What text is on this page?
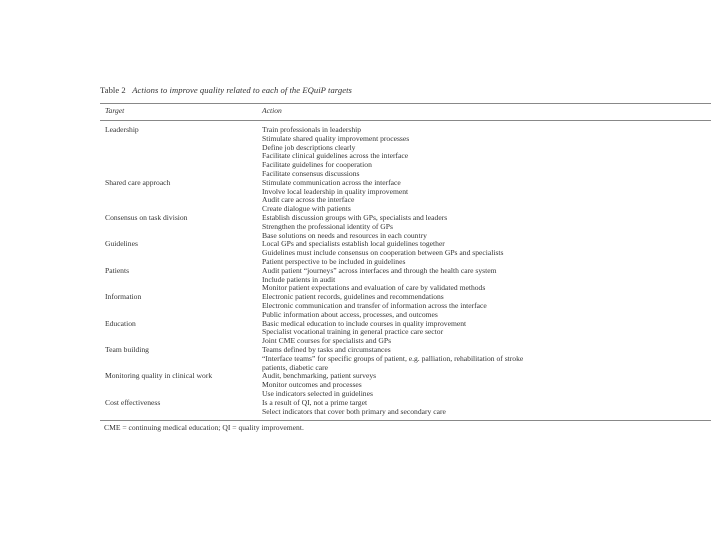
Table 2 Actions to improve quality related to each of the EQuiP targets
Target	Action
Leadership	Train professionals in leadership
Stimulate shared quality improvement processes
Define job descriptions clearly
Facilitate clinical guidelines across the interface
Facilitate guidelines for cooperation
Facilitate consensus discussions
Shared care approach	Stimulate communication across the interface
Involve local leadership in quality improvement
Audit care across the interface
Create dialogue with patients
Consensus on task division	Establish discussion groups with GPs, specialists and leaders
Strengthen the professional identity of GPs
Base solutions on needs and resources in each country
Guidelines	Local GPs and specialists establish local guidelines together
Guidelines must include consensus on cooperation between GPs and specialists
Patient perspective to be included in guidelines
Patients	Audit patient “journeys” across interfaces and through the health care system
Include patients in audit
Monitor patient expectations and evaluation of care by validated methods
Information	Electronic patient records, guidelines and recommendations
Electronic communication and transfer of information across the interface
Public information about access, processes, and outcomes
Education	Basic medical education to include courses in quality improvement
Specialist vocational training in general practice care sector
Joint CME courses for specialists and GPs
Team building	Teams defined by tasks and circumstances
“Interface teams” for specific groups of patient, e.g. palliation, rehabilitation of stroke
patients, diabetic care
Monitoring quality in clinical work	Audit, benchmarking, patient surveys
Monitor outcomes and processes
Use indicators selected in guidelines
Cost effectiveness	Is a result of QI, not a prime target
Select indicators that cover both primary and secondary care
CME = continuing medical education; QI = quality improvement.
